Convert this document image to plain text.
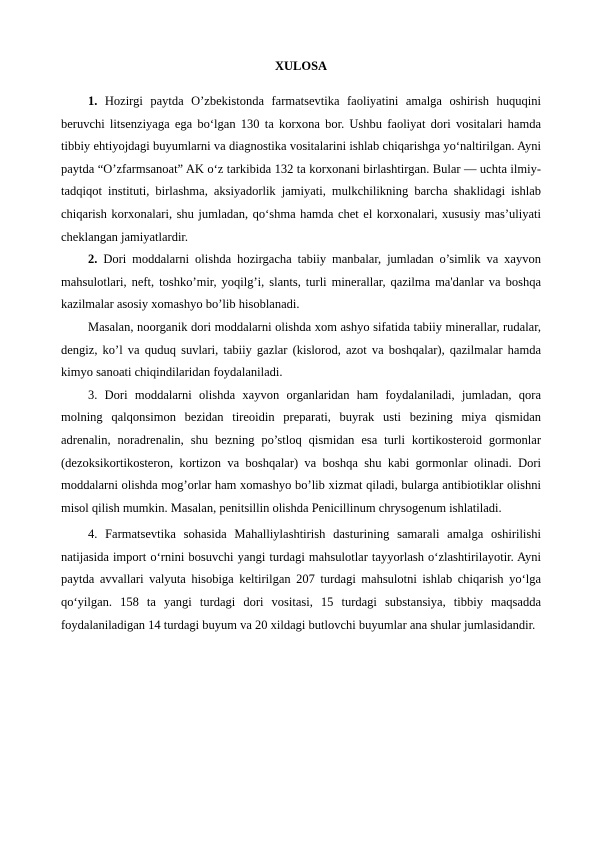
XULOSA

1. Hozirgi paytda O’zbekistonda farmatsevtika faoliyatini amalga oshirish huquqini beruvchi litsenziyaga ega bo‘lgan 130 ta korxona bor. Ushbu faoliyat dori vositalari hamda tibbiy ehtiyojdagi buyumlarni va diagnostika vositalarini ishlab chiqarishga yo‘naltirilgan. Ayni paytda “O’zfarmsanoat” AK o‘z tarkibida 132 ta korxonani birlashtirgan. Bular — uchta ilmiy-tadqiqot instituti, birlashma, aksiyadorlik jamiyati, mulkchilikning barcha shaklidagi ishlab chiqarish korxonalari, shu jumladan, qo‘shma hamda chet el korxonalari, xususiy mas’uliyati cheklangan jamiyatlardir.

2. Dori moddalarni olishda hozirgacha tabiiy manbalar, jumladan o’simlik va xayvon mahsulotlari, neft, toshko’mir, yoqilg’i, slants, turli minerallar, qazilma ma'danlar va boshqa kazilmalar asosiy xomashyo bo’lib hisoblanadi.

Masalan, noorganik dori moddalarni olishda xom ashyo sifatida tabiiy minerallar, rudalar, dengiz, ko’l va quduq suvlari, tabiiy gazlar (kislorod, azot va boshqalar), qazilmalar hamda kimyo sanoati chiqindilaridan foydalaniladi.

3. Dori moddalarni olishda xayvon organlaridan ham foydalaniladi, jumladan, qora molning qalqonsimon bezidan tireoidin preparati, buyrak usti bezining miya qismidan adrenalin, noradrenalin, shu bezning po’stloq qismidan esa turli kortikosteroid gormonlar (dezoksikortikosteron, kortizon va boshqalar) va boshqa shu kabi gormonlar olinadi. Dori moddalarni olishda mog’orlar ham xomashyo bo’lib xizmat qiladi, bularga antibiotiklar olishni misol qilish mumkin. Masalan, penitsillin olishda Penicillinum chrysogenum ishlatiladi.

4. Farmatsevtika sohasida Mahalliylashtirish dasturining samarali amalga oshirilishi natijasida import o‘rnini bosuvchi yangi turdagi mahsulotlar tayyorlash o‘zlashtirilayotir. Ayni paytda avvallari valyuta hisobiga keltirilgan 207 turdagi mahsulotni ishlab chiqarish yo‘lga qo‘yilgan. 158 ta yangi turdagi dori vositasi, 15 turdagi substansiya, tibbiy maqsadda foydalaniladigan 14 turdagi buyum va 20 xildagi butlovchi buyumlar ana shular jumlasidandir.
